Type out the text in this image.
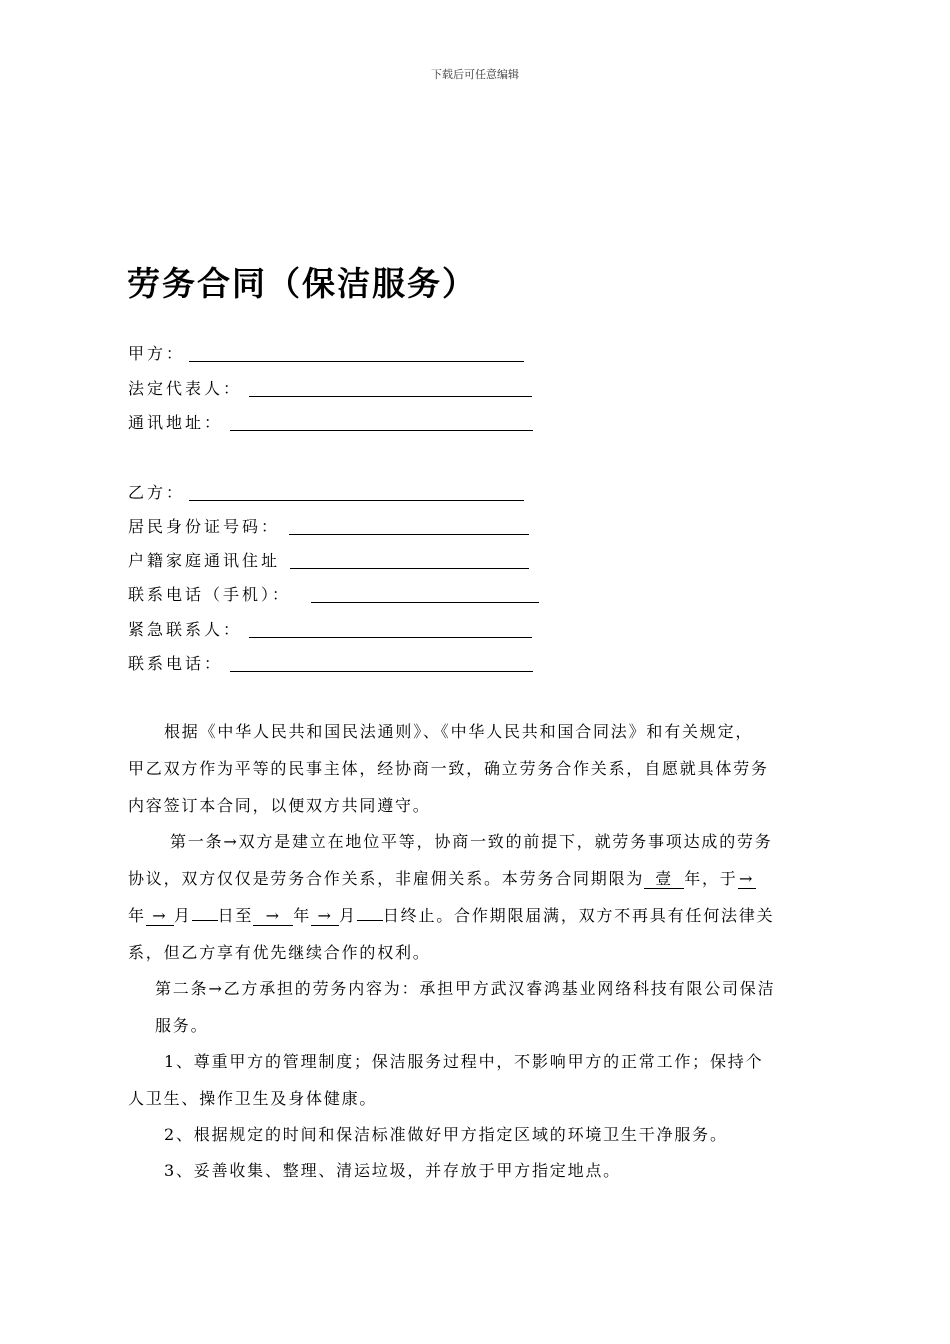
下载后可任意编辑
劳务合同（保洁服务）
甲方：
法定代表人：
通讯地址：
乙方：
居民身份证号码：
户籍家庭通讯住址
联系电话（手机）：
紧急联系人：
联系电话：
根据《中华人民共和国民法通则》、《中华人民共和国合同法》和有关规定，
甲乙双方作为平等的民事主体，经协商一致，确立劳务合作关系，自愿就具体劳务
内容签订本合同，以便双方共同遵守。
第一条→双方是建立在地位平等，协商一致的前提下，就劳务事项达成的劳务
协议，双方仅仅是劳务合作关系，非雇佣关系。本劳务合同期限为 壹 年，于→
年 → 月 日至 → 年 → 月 日终止。合作期限届满，双方不再具有任何法律关
系，但乙方享有优先继续合作的权利。
第二条→乙方承担的劳务内容为：承担甲方武汉睿鸿基业网络科技有限公司保洁
服务。
1、尊重甲方的管理制度；保洁服务过程中，不影响甲方的正常工作；保持个
人卫生、操作卫生及身体健康。
2、根据规定的时间和保洁标准做好甲方指定区域的环境卫生干净服务。
3、妥善收集、整理、清运垃圾，并存放于甲方指定地点。
